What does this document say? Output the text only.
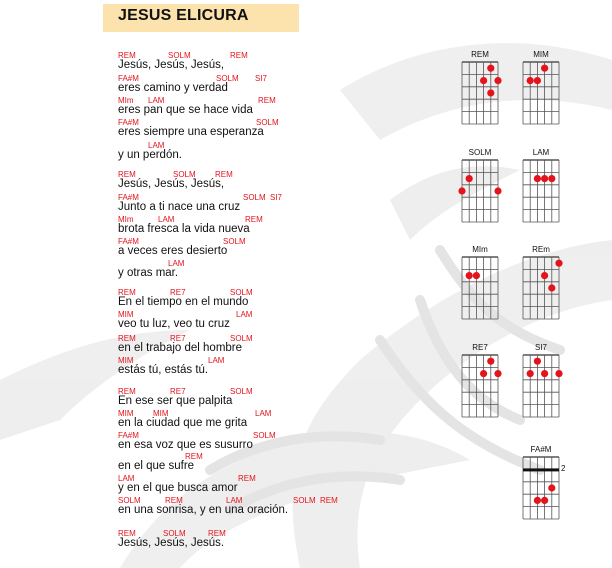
JESUS ELICURA
REM	SOLM	REM
Jesús, Jesús, Jesús,
FA#M	SOLM SI7
eres camino y verdad
MIm LAM	REM
eres pan que se hace vida
FA#M	SOLM
eres siempre una esperanza
LAM
y un perdón.
REM	SOLM REM
Jesús, Jesús, Jesús,
FA#M	SOLM SI7
Junto a ti nace una cruz
MIm	LAM	REM
brota fresca la vida nueva
FA#M	SOLM
a veces eres desierto
LAM
y otras mar.
REM	RE7	SOLM
En el tiempo en el mundo
MIM	LAM
veo tu luz, veo tu cruz
REM	RE7	SOLM
en el trabajo del hombre
MIM	LAM
estás tú, estás tú.
REM	RE7	SOLM
En ese ser que palpita
MIM MIM	LAM
en la ciudad que me grita
FA#M	SOLM
en esa voz que es susurro
REM
en el que sufre
LAM	REM
y en el que busca amor
SOLM	REM	LAM	SOLM REM
en una sonrisa, y en una oración.
REM	SOLM	REM
Jesús, Jesús, Jesús.
REM	MIM
SOLM	LAM
MIm	REm
RE7	SI7
FA#M
2
